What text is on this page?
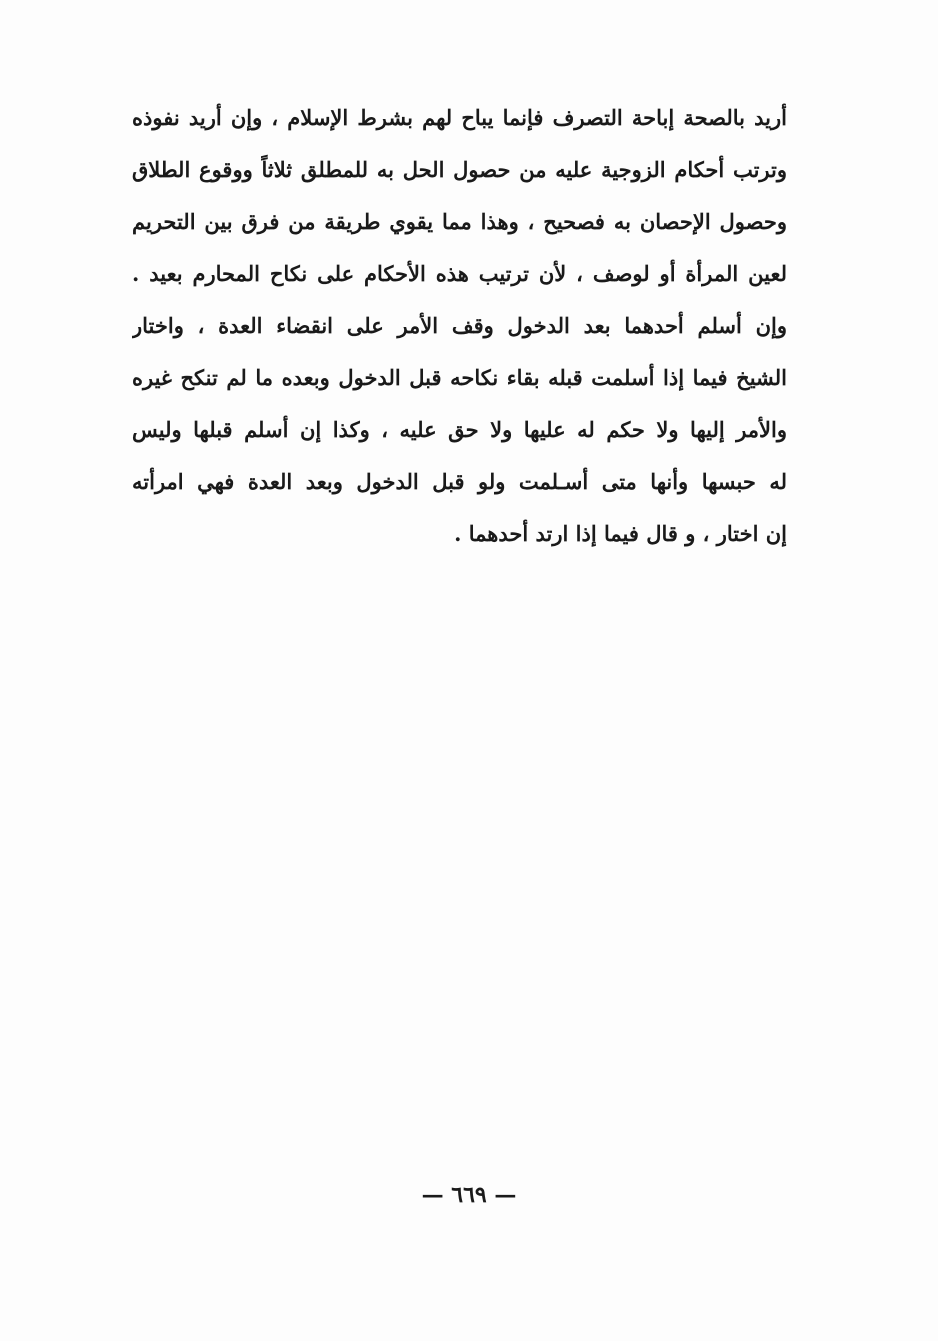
أريد بالصحة إباحة التصرف فإنما يباح لهم بشرط الإسلام ، وإن أريد نفوذه
وترتب أحكام الزوجية عليه من حصول الحل به للمطلق ثلاثاً ووقوع الطلاق
وحصول الإحصان به فصحيح ، وهذا مما يقوي طريقة من فرق بين التحريم
لعين المرأة أو لوصف ، لأن ترتيب هذه الأحكام على نكاح المحارم بعيد .
وإن أسلم أحدهما بعد الدخول وقف الأمر على انقضاء العدة ، واختار
الشيخ فيما إذا أسلمت قبله بقاء نكاحه قبل الدخول وبعده ما لم تنكح غيره
والأمر إليها ولا حكم له عليها ولا حق عليه ، وكذا إن أسلم قبلها وليس
له حبسها وأنها متى أسـلمت ولو قبل الدخول وبعد العدة فهي امرأته
إن اختار ، و قال فيما إذا ارتد أحدهما .
— ٦٦٩ —
